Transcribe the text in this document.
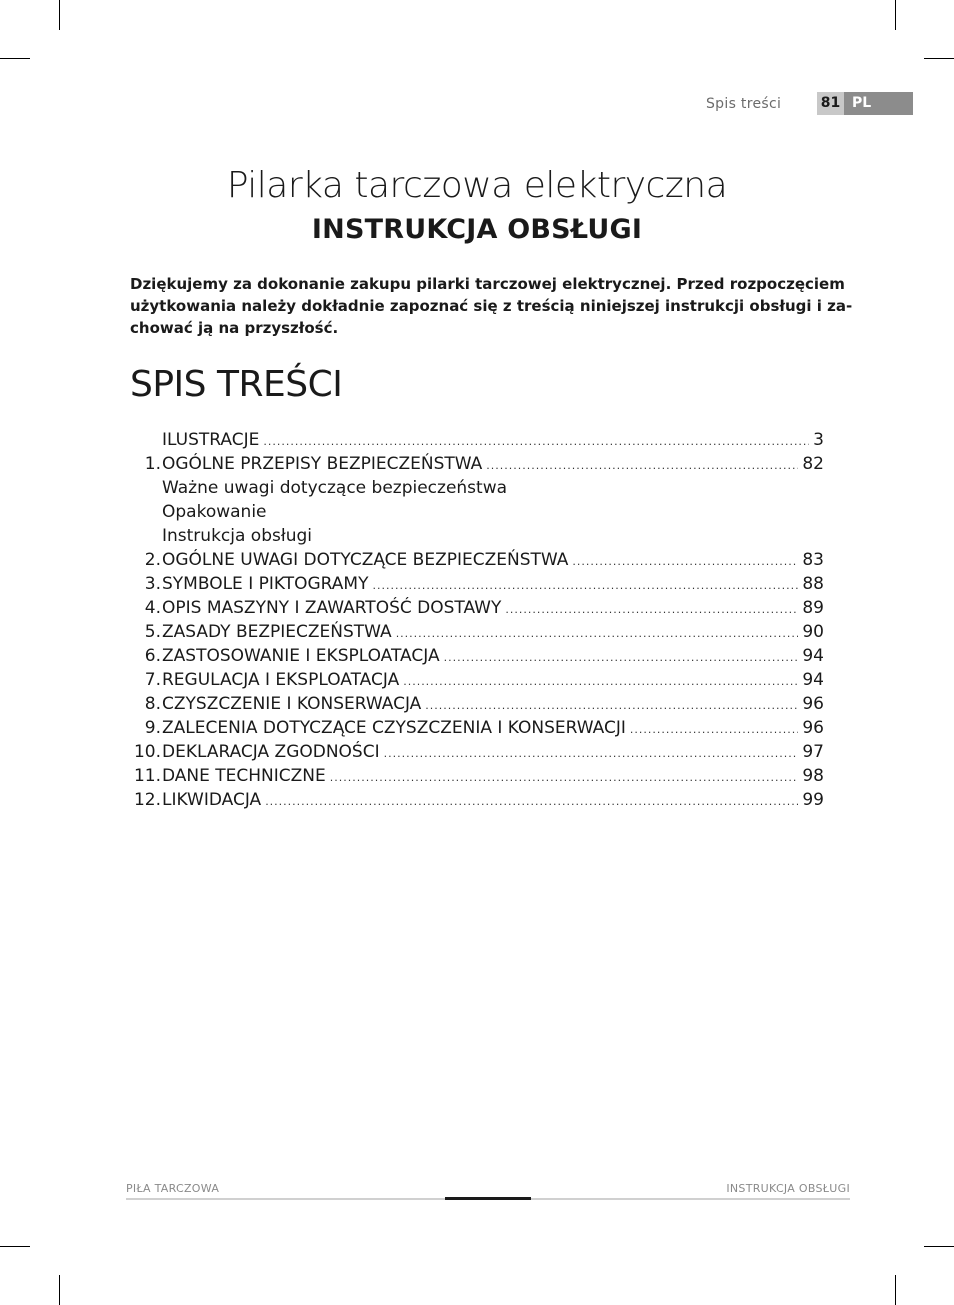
Spis treści	81 PL
Pilarka tarczowa elektryczna
INSTRUKCJA OBSŁUGI
Dziękujemy za dokonanie zakupu pilarki tarczowej elektrycznej. Przed rozpoczęciem
użytkowania należy dokładnie zapoznać się z treścią niniejszej instrukcji obsługi i za-
chować ją na przyszłość.
SPIS TREŚCI
ILUSTRACJE .....	3
1. OGÓLNE PRZEPISY BEZPIECZEŃSTWA .....	82
Ważne uwagi dotyczące bezpieczeństwa
Opakowanie
Instrukcja obsługi
2. OGÓLNE UWAGI DOTYCZĄCE BEZPIECZEŃSTWA .....	83
3. SYMBOLE I PIKTOGRAMY .....	88
4. OPIS MASZYNY I ZAWARTOŚĆ DOSTAWY .....	89
5. ZASADY BEZPIECZEŃSTWA .....	90
6. ZASTOSOWANIE I EKSPLOATACJA .....	94
7. REGULACJA I EKSPLOATACJA .....	94
8. CZYSZCZENIE I KONSERWACJA .....	96
9. ZALECENIA DOTYCZĄCE CZYSZCZENIA I KONSERWACJI .....	96
10. DEKLARACJA ZGODNOŚCI .....	97
11. DANE TECHNICZNE .....	98
12. LIKWIDACJA .....	99
PIŁA TARCZOWA	INSTRUKCJA OBSŁUGI
